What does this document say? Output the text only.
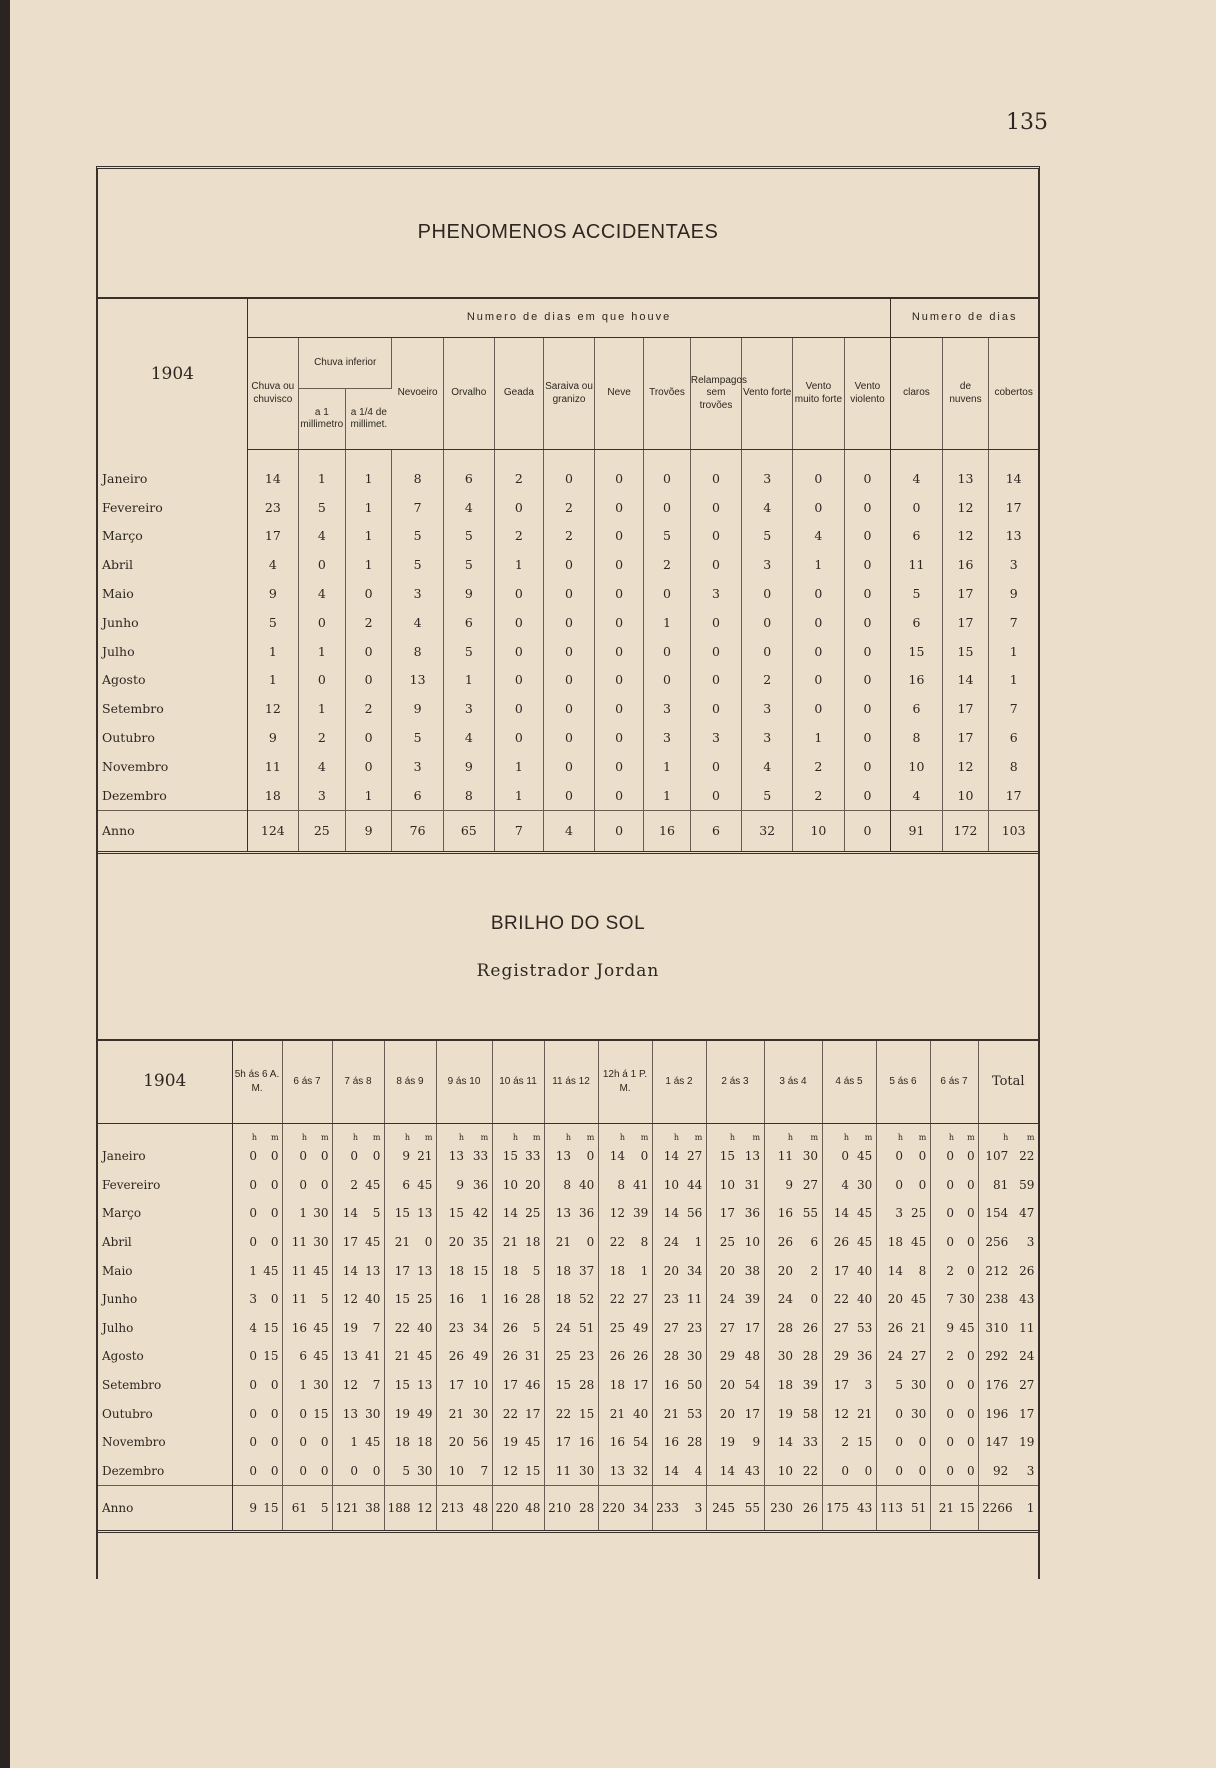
135
PHENOMENOS ACCIDENTAES
1904	Numero de dias em que houve													Numero de dias		
	Chuva ou chuvisco	Chuva inferior		Nevoeiro	Orvalho	Geada	Saraiva ou granizo	Neve	Trovões	Relampagos sem trovões	Vento forte	Vento muito forte	Vento violento	claros	de nuvens	cobertos
		a 1 millimetro	a 1/4 de millimet.													
Janeiro	14	1	1	8	6	2	0	0	0	0	3	0	0	4	13	14
Fevereiro	23	5	1	7	4	0	2	0	0	0	4	0	0	0	12	17
Março	17	4	1	5	5	2	2	0	5	0	5	4	0	6	12	13
Abril	4	0	1	5	5	1	0	0	2	0	3	1	0	11	16	3
Maio	9	4	0	3	9	0	0	0	0	3	0	0	0	5	17	9
Junho	5	0	2	4	6	0	0	0	1	0	0	0	0	6	17	7
Julho	1	1	0	8	5	0	0	0	0	0	0	0	0	15	15	1
Agosto	1	0	0	13	1	0	0	0	0	0	2	0	0	16	14	1
Setembro	12	1	2	9	3	0	0	0	3	0	3	0	0	6	17	7
Outubro	9	2	0	5	4	0	0	0	3	3	3	1	0	8	17	6
Novembro	11	4	0	3	9	1	0	0	1	0	4	2	0	10	12	8
Dezembro	18	3	1	6	8	1	0	0	1	0	5	2	0	4	10	17
Anno	124	25	9	76	65	7	4	0	16	6	32	10	0	91	172	103
BRILHO DO SOL
Registrador Jordan
1904	5h ás 6 A. M.	6 ás 7	7 ás 8	8 ás 9	9 ás 10	10 ás 11	11 ás 12	12h á 1 P. M.	1 ás 2	2 ás 3	3 ás 4	4 ás 5	5 ás 6	6 ás 7	Total
	h m	h m	h m	h m	h m	h m	h m	h m	h m	h m	h m	h m	h m	h m	h m
Janeiro	0 0	0 0	0 0	9 21	13 33	15 33	13 0	14 0	14 27	15 13	11 30	0 45	0 0	0 0	107 22
Fevereiro	0 0	0 0	2 45	6 45	9 36	10 20	8 40	8 41	10 44	10 31	9 27	4 30	0 0	0 0	81 59
Março	0 0	1 30	14 5	15 13	15 42	14 25	13 36	12 39	14 56	17 36	16 55	14 45	3 25	0 0	154 47
Abril	0 0	11 30	17 45	21 0	20 35	21 18	21 0	22 8	24 1	25 10	26 6	26 45	18 45	0 0	256 3
Maio	1 45	11 45	14 13	17 13	18 15	18 5	18 37	18 1	20 34	20 38	20 2	17 40	14 8	2 0	212 26
Junho	3 0	11 5	12 40	15 25	16 1	16 28	18 52	22 27	23 11	24 39	24 0	22 40	20 45	7 30	238 43
Julho	4 15	16 45	19 7	22 40	23 34	26 5	24 51	25 49	27 23	27 17	28 26	27 53	26 21	9 45	310 11
Agosto	0 15	6 45	13 41	21 45	26 49	26 31	25 23	26 26	28 30	29 48	30 28	29 36	24 27	2 0	292 24
Setembro	0 0	1 30	12 7	15 13	17 10	17 46	15 28	18 17	16 50	20 54	18 39	17 3	5 30	0 0	176 27
Outubro	0 0	0 15	13 30	19 49	21 30	22 17	22 15	21 40	21 53	20 17	19 58	12 21	0 30	0 0	196 17
Novembro	0 0	0 0	1 45	18 18	20 56	19 45	17 16	16 54	16 28	19 9	14 33	2 15	0 0	0 0	147 19
Dezembro	0 0	0 0	0 0	5 30	10 7	12 15	11 30	13 32	14 4	14 43	10 22	0 0	0 0	0 0	92 3
Anno	9 15	61 5	121 38	188 12	213 48	220 48	210 28	220 34	233 3	245 55	230 26	175 43	113 51	21 15	2266 1
